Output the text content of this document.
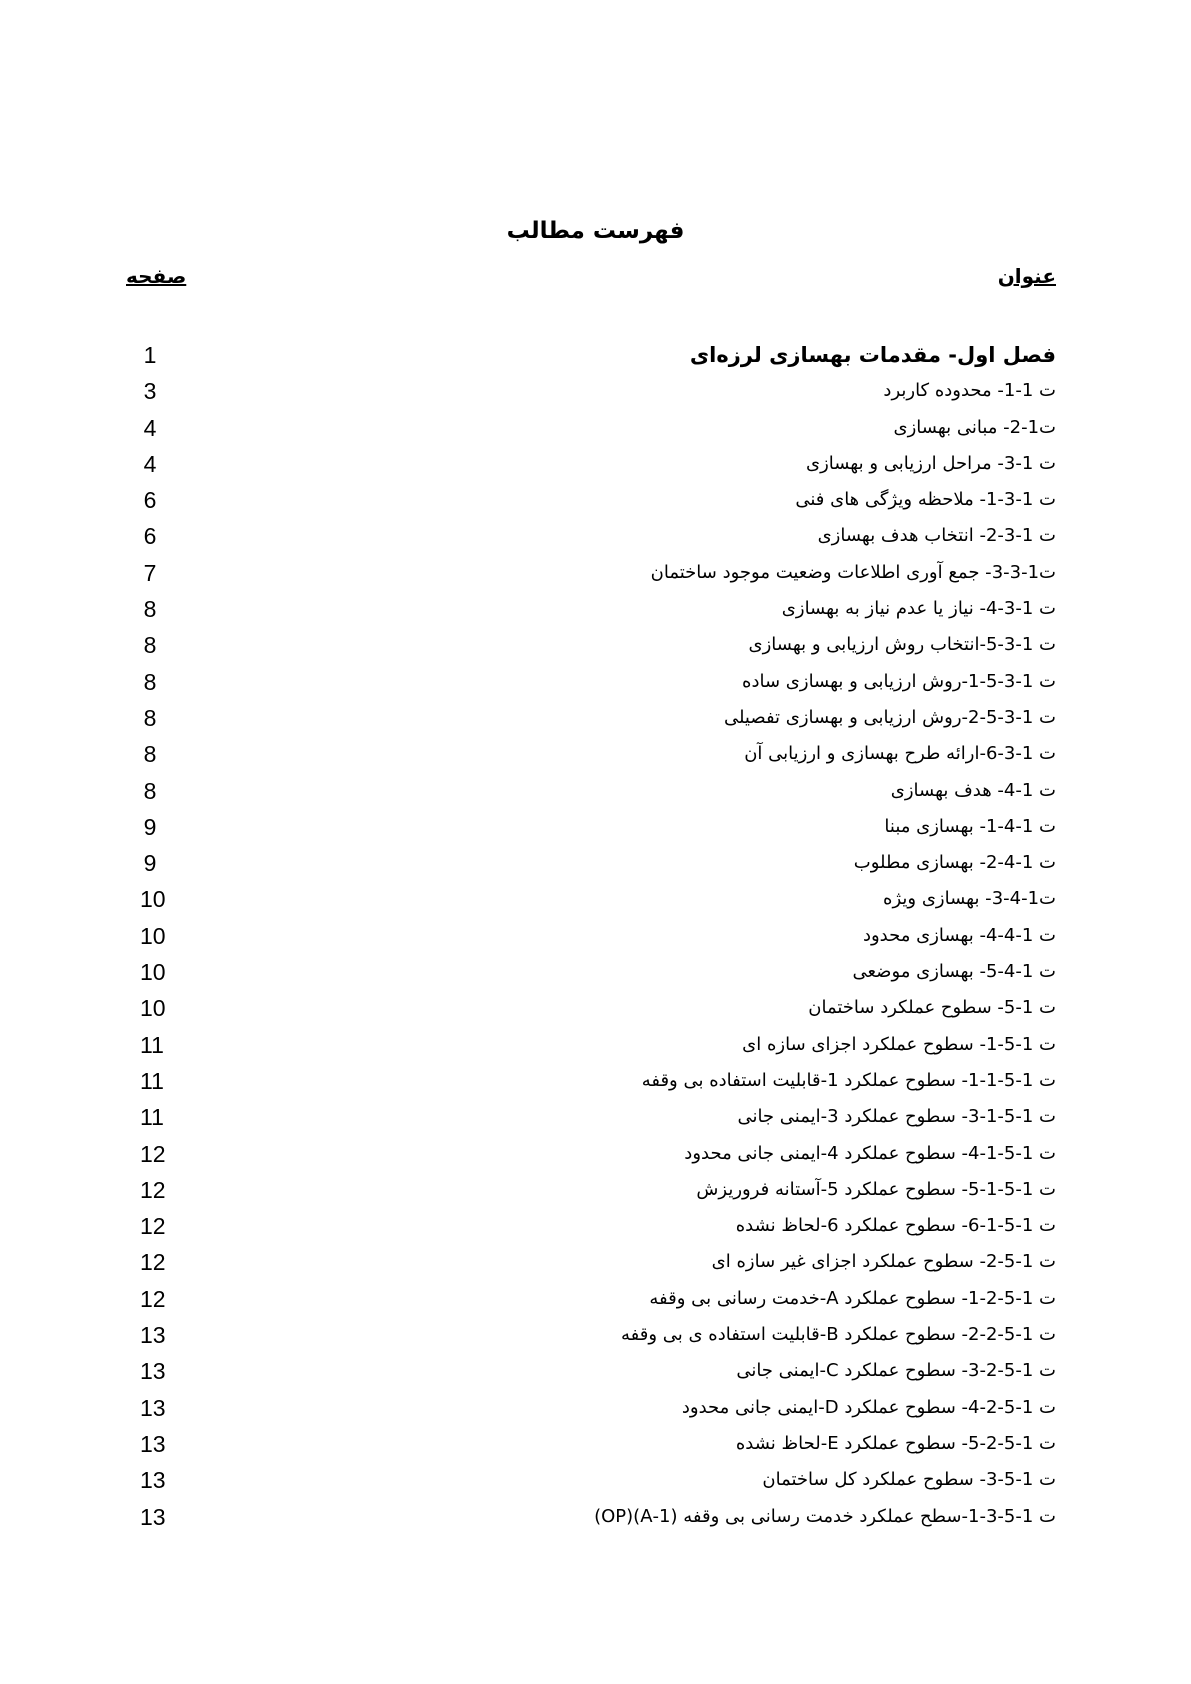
فهرست مطالب
عنوان
صفحه
فصل اول- مقدمات بهسازی لرزه‌ای
1
ت 1-1- محدوده کاربرد
3
ت1-2- مبانی بهسازی
4
ت 1-3- مراحل ارزیابی و بهسازی
4
ت 1-3-1- ملاحظه ویژگی های فنی
6
ت 1-3-2- انتخاب هدف بهسازی
6
ت1-3-3- جمع آوری اطلاعات وضعیت موجود ساختمان
7
ت 1-3-4- نیاز یا عدم نیاز به بهسازی
8
ت 1-3-5-انتخاب روش ارزیابی و بهسازی
8
ت 1-3-5-1-روش ارزیابی و بهسازی ساده
8
ت 1-3-5-2-روش ارزیابی و بهسازی تفصیلی
8
ت 1-3-6-ارائه طرح بهسازی و ارزیابی آن
8
ت 1-4- هدف بهسازی
8
ت 1-4-1- بهسازی مبنا
9
ت 1-4-2- بهسازی مطلوب
9
ت1-4-3- بهسازی ویژه
10
ت 1-4-4- بهسازی محدود
10
ت 1-4-5- بهسازی موضعی
10
ت 1-5- سطوح عملکرد ساختمان
10
ت 1-5-1- سطوح عملکرد اجزای سازه ای
11
ت 1-5-1-1- سطوح عملکرد 1-قابلیت استفاده بی وقفه
11
ت 1-5-1-3- سطوح عملکرد 3-ایمنی جانی
11
ت 1-5-1-4- سطوح عملکرد 4-ایمنی جانی محدود
12
ت 1-5-1-5- سطوح عملکرد 5-آستانه فروریزش
12
ت 1-5-1-6- سطوح عملکرد 6-لحاظ نشده
12
ت 1-5-2- سطوح عملکرد اجزای غیر سازه ای
12
ت 1-5-2-1- سطوح عملکرد A-خدمت رسانی بی وقفه
12
ت 1-5-2-2- سطوح عملکرد B-قابلیت استفاده ی بی وقفه
13
ت 1-5-2-3- سطوح عملکرد C-ایمنی جانی
13
ت 1-5-2-4- سطوح عملکرد D-ایمنی جانی محدود
13
ت 1-5-2-5- سطوح عملکرد E-لحاظ نشده
13
ت 1-5-3- سطوح عملکرد کل ساختمان
13
ت 1-5-3-1-سطح عملکرد خدمت رسانی بی وقفه (1-A)(OP)
13
